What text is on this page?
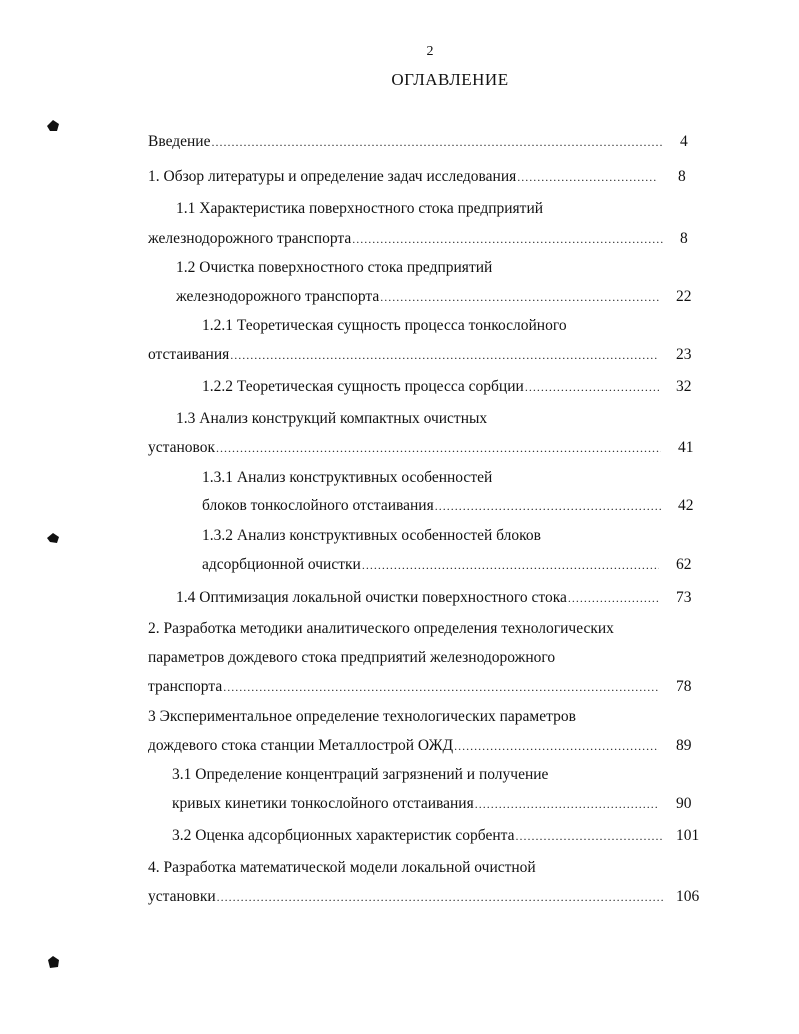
2
ОГЛАВЛЕНИЕ
Введение .....	4
1. Обзор литературы и определение задач исследования .....	8
1.1 Характеристика поверхностного стока предприятий
железнодорожного транспорта .....	8
1.2 Очистка поверхностного стока предприятий
железнодорожного транспорта .....	22
1.2.1 Теоретическая сущность процесса тонкослойного
отстаивания .....	23
1.2.2 Теоретическая сущность процесса сорбции .....	32
1.3 Анализ конструкций компактных очистных
установок .....	41
1.3.1 Анализ конструктивных особенностей
блоков тонкослойного отстаивания .....	42
1.3.2 Анализ конструктивных особенностей блоков
адсорбционной очистки .....	62
1.4 Оптимизация локальной очистки поверхностного стока .....	73
2. Разработка методики аналитического определения технологических
параметров дождевого стока предприятий железнодорожного
транспорта .....	78
3 Экспериментальное определение технологических параметров
дождевого стока станции Металлострой ОЖД .....	89
3.1 Определение концентраций загрязнений и получение
кривых кинетики тонкослойного отстаивания .....	90
3.2 Оценка адсорбционных характеристик сорбента .....	101
4. Разработка математической модели локальной очистной
установки .....	106
